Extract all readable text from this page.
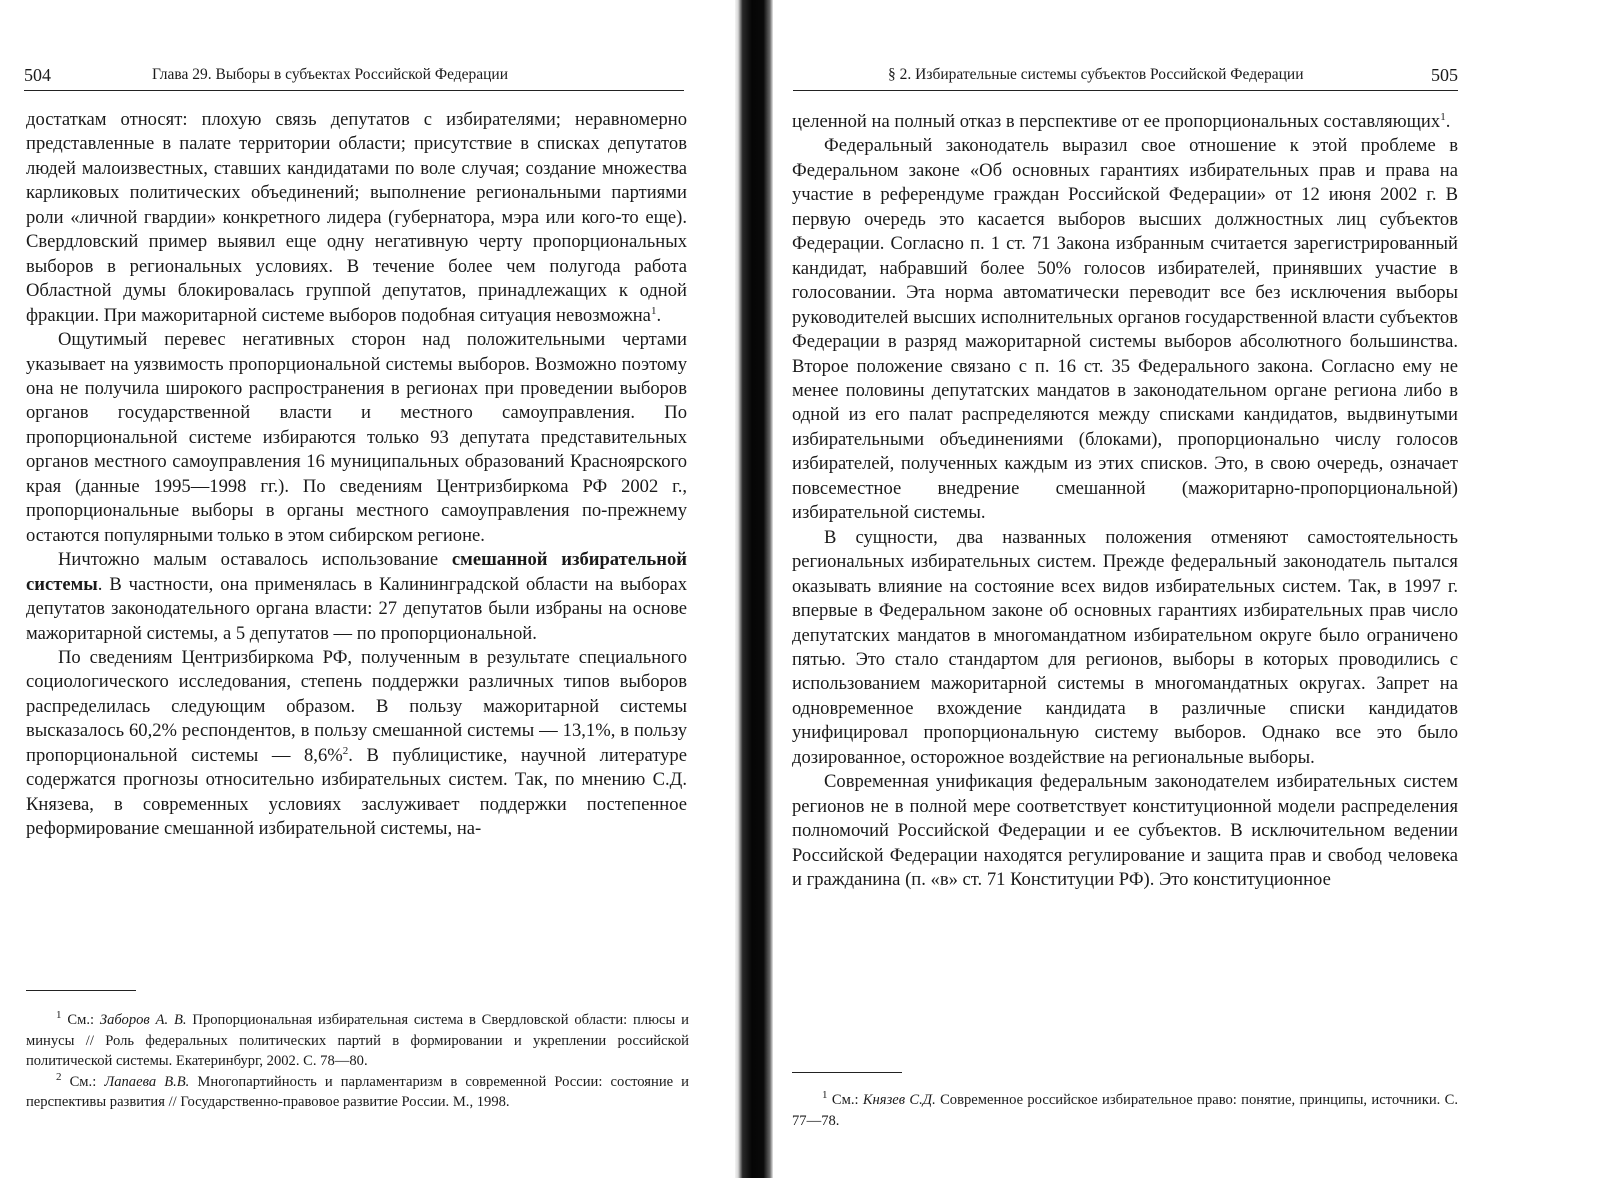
504	Глава 29. Выборы в субъектах Российской Федерации

достаткам относят: плохую связь депутатов с избирателями; неравномерно представленные в палате территории области; присутствие в списках депутатов людей малоизвестных, ставших кандидатами по воле случая; создание множества карликовых политических объединений; выполнение региональными партиями роли «личной гвардии» конкретного лидера (губернатора, мэра или кого-то еще). Свердловский пример выявил еще одну негативную черту пропорциональных выборов в региональных условиях. В течение более чем полугода работа Областной думы блокировалась группой депутатов, принадлежащих к одной фракции. При мажоритарной системе выборов подобная ситуация невозможна$^1$.

Ощутимый перевес негативных сторон над положительными чертами указывает на уязвимость пропорциональной системы выборов. Возможно поэтому она не получила широкого распространения в регионах при проведении выборов органов государственной власти и местного самоуправления. По пропорциональной системе избираются только 93 депутата представительных органов местного самоуправления 16 муниципальных образований Красноярского края (данные 1995—1998 гг.). По сведениям Центризбиркома РФ 2002 г., пропорциональные выборы в органы местного самоуправления по-прежнему остаются популярными только в этом сибирском регионе.

Ничтожно малым оставалось использование смешанной избирательной системы. В частности, она применялась в Калининградской области на выборах депутатов законодательного органа власти: 27 депутатов были избраны на основе мажоритарной системы, а 5 депутатов — по пропорциональной.

По сведениям Центризбиркома РФ, полученным в результате специального социологического исследования, степень поддержки различных типов выборов распределилась следующим образом. В пользу мажоритарной системы высказалось 60,2% респондентов, в пользу смешанной системы — 13,1%, в пользу пропорциональной системы — 8,6%$^2$. В публицистике, научной литературе содержатся прогнозы относительно избирательных систем. Так, по мнению С.Д. Князева, в современных условиях заслуживает поддержки постепенное реформирование смешанной избирательной системы, на-

$^1$ См.: Заборов А. В. Пропорциональная избирательная система в Свердловской области: плюсы и минусы // Роль федеральных политических партий в формировании и укреплении российской политической системы. Екатеринбург, 2002. С. 78—80.

$^2$ См.: Лапаева В.В. Многопартийность и парламентаризм в современной России: состояние и перспективы развития // Государственно-правовое развитие России. М., 1998.

§ 2. Избирательные системы субъектов Российской Федерации	505

целенной на полный отказ в перспективе от ее пропорциональных составляющих$^1$.

Федеральный законодатель выразил свое отношение к этой проблеме в Федеральном законе «Об основных гарантиях избирательных прав и права на участие в референдуме граждан Российской Федерации» от 12 июня 2002 г. В первую очередь это касается выборов высших должностных лиц субъектов Федерации. Согласно п. 1 ст. 71 Закона избранным считается зарегистрированный кандидат, набравший более 50% голосов избирателей, принявших участие в голосовании. Эта норма автоматически переводит все без исключения выборы руководителей высших исполнительных органов государственной власти субъектов Федерации в разряд мажоритарной системы выборов абсолютного большинства. Второе положение связано с п. 16 ст. 35 Федерального закона. Согласно ему не менее половины депутатских мандатов в законодательном органе региона либо в одной из его палат распределяются между списками кандидатов, выдвинутыми избирательными объединениями (блоками), пропорционально числу голосов избирателей, полученных каждым из этих списков. Это, в свою очередь, означает повсеместное внедрение смешанной (мажоритарно-пропорциональной) избирательной системы.

В сущности, два названных положения отменяют самостоятельность региональных избирательных систем. Прежде федеральный законодатель пытался оказывать влияние на состояние всех видов избирательных систем. Так, в 1997 г. впервые в Федеральном законе об основных гарантиях избирательных прав число депутатских мандатов в многомандатном избирательном округе было ограничено пятью. Это стало стандартом для регионов, выборы в которых проводились с использованием мажоритарной системы в многомандатных округах. Запрет на одновременное вхождение кандидата в различные списки кандидатов унифицировал пропорциональную систему выборов. Однако все это было дозированное, осторожное воздействие на региональные выборы.

Современная унификация федеральным законодателем избирательных систем регионов не в полной мере соответствует конституционной модели распределения полномочий Российской Федерации и ее субъектов. В исключительном ведении Российской Федерации находятся регулирование и защита прав и свобод человека и гражданина (п. «в» ст. 71 Конституции РФ). Это конституционное

$^1$ См.: Князев С.Д. Современное российское избирательное право: понятие, принципы, источники. С. 77—78.
